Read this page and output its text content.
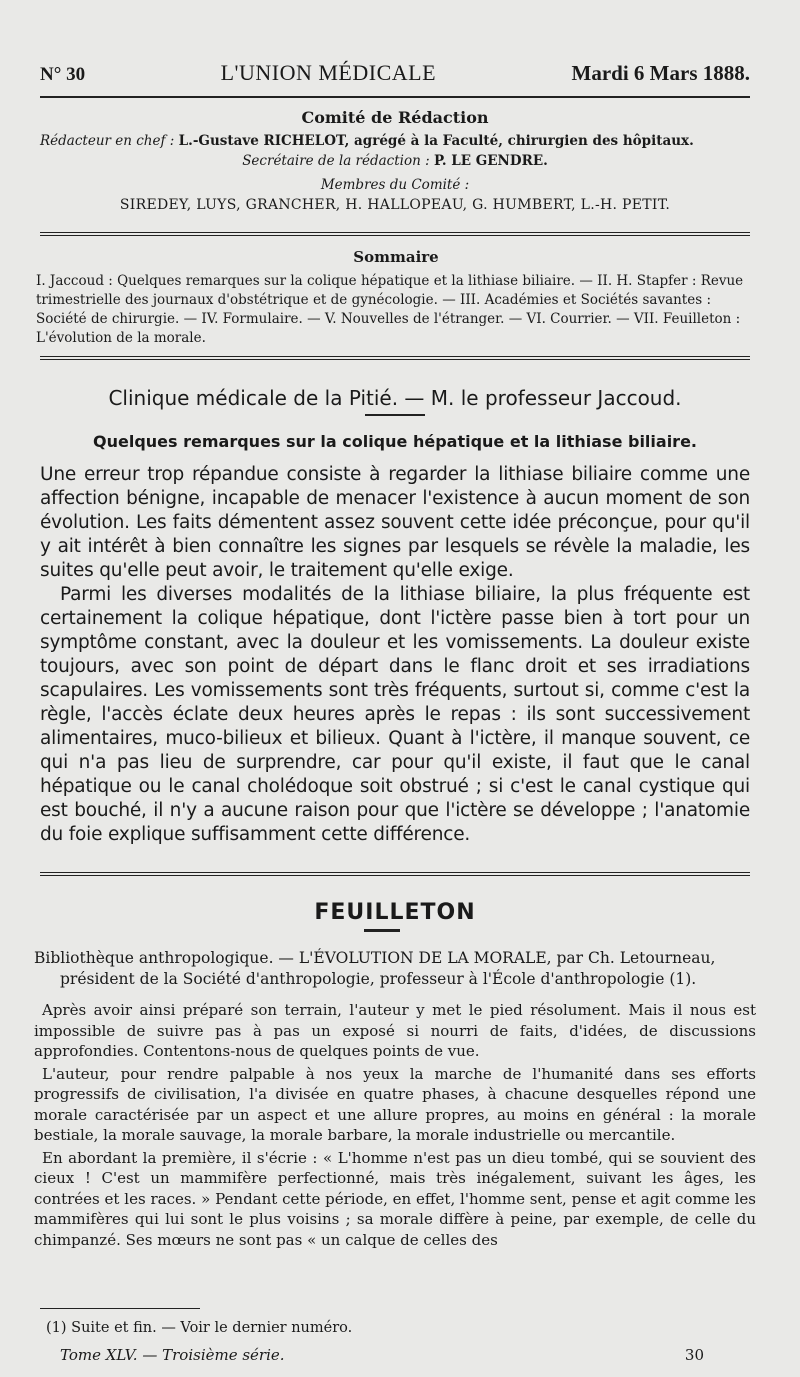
N° 30	L'UNION MÉDICALE	Mardi 6 Mars 1888.
Comité de Rédaction
Rédacteur en chef : L.-Gustave RICHELOT, agrégé à la Faculté, chirurgien des hôpitaux.
Secrétaire de la rédaction : P. LE GENDRE.
Membres du Comité :
SIREDEY, LUYS, GRANCHER, H. HALLOPEAU, G. HUMBERT, L.-H. PETIT.
Sommaire
I. Jaccoud : Quelques remarques sur la colique hépatique et la lithiase biliaire. — II. H. Stapfer : Revue trimestrielle des journaux d'obstétrique et de gynécologie. — III. Académies et Sociétés savantes : Société de chirurgie. — IV. Formulaire. — V. Nouvelles de l'étranger. — VI. Courrier. — VII. Feuilleton : L'évolution de la morale.
Clinique médicale de la Pitié. — M. le professeur Jaccoud.
Quelques remarques sur la colique hépatique et la lithiase biliaire.

Une erreur trop répandue consiste à regarder la lithiase biliaire comme une affection bénigne, incapable de menacer l'existence à aucun moment de son évolution. Les faits démentent assez souvent cette idée préconçue, pour qu'il y ait intérêt à bien connaître les signes par lesquels se révèle la maladie, les suites qu'elle peut avoir, le traitement qu'elle exige.

Parmi les diverses modalités de la lithiase biliaire, la plus fréquente est certainement la colique hépatique, dont l'ictère passe bien à tort pour un symptôme constant, avec la douleur et les vomissements. La douleur existe toujours, avec son point de départ dans le flanc droit et ses irradiations scapulaires. Les vomissements sont très fréquents, surtout si, comme c'est la règle, l'accès éclate deux heures après le repas : ils sont successivement alimentaires, muco-bilieux et bilieux. Quant à l'ictère, il manque souvent, ce qui n'a pas lieu de surprendre, car pour qu'il existe, il faut que le canal hépatique ou le canal cholédoque soit obstrué ; si c'est le canal cystique qui est bouché, il n'y a aucune raison pour que l'ictère se développe ; l'anatomie du foie explique suffisamment cette différence.

FEUILLETON
Bibliothèque anthropologique. — L'ÉVOLUTION DE LA MORALE, par Ch. Letourneau,
président de la Société d'anthropologie, professeur à l'École d'anthropologie (1).

Après avoir ainsi préparé son terrain, l'auteur y met le pied résolument. Mais il nous est impossible de suivre pas à pas un exposé si nourri de faits, d'idées, de discussions approfondies. Contentons-nous de quelques points de vue.

L'auteur, pour rendre palpable à nos yeux la marche de l'humanité dans ses efforts progressifs de civilisation, l'a divisée en quatre phases, à chacune desquelles répond une morale caractérisée par un aspect et une allure propres, au moins en général : la morale bestiale, la morale sauvage, la morale barbare, la morale industrielle ou mercantile.

En abordant la première, il s'écrie : « L'homme n'est pas un dieu tombé, qui se souvient des cieux ! C'est un mammifère perfectionné, mais très inégalement, suivant les âges, les contrées et les races. » Pendant cette période, en effet, l'homme sent, pense et agit comme les mammifères qui lui sont le plus voisins ; sa morale diffère à peine, par exemple, de celle du chimpanzé. Ses mœurs ne sont pas « un calque de celles des

(1) Suite et fin. — Voir le dernier numéro.
Tome XLV. — Troisième série.	30
